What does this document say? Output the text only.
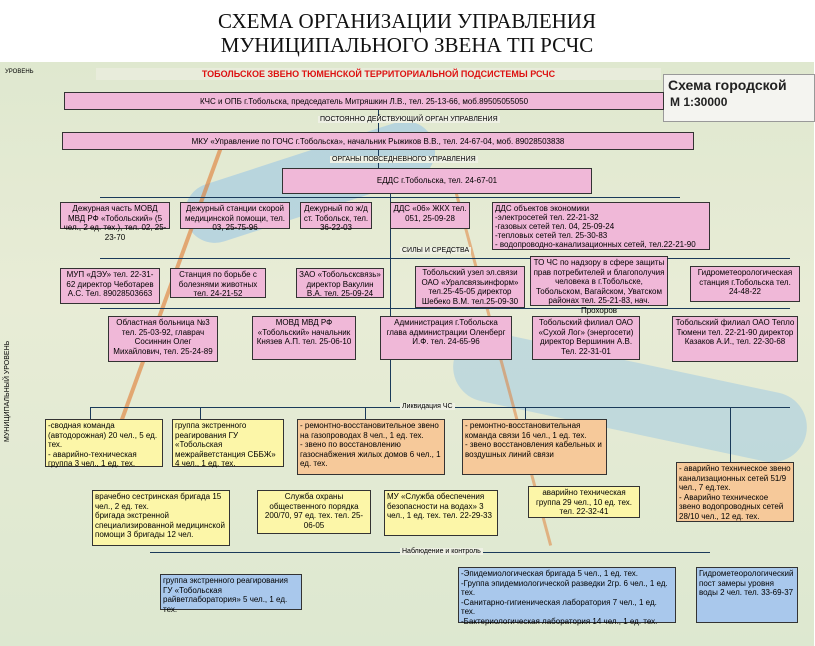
СХЕМА ОРГАНИЗАЦИИ УПРАВЛЕНИЯ
МУНИЦИПАЛЬНОГО ЗВЕНА ТП РСЧС
УРОВЕНЬ
МУНИЦИПАЛЬНЫЙ УРОВЕНЬ
ТОБОЛЬСКОЕ ЗВЕНО ТЮМЕНСКОЙ ТЕРРИТОРИАЛЬНОЙ ПОДСИСТЕМЫ РСЧС
Схема городской
М 1:30000
ПОСТОЯННО ДЕЙСТВУЮЩИЙ ОРГАН УПРАВЛЕНИЯ
ОРГАНЫ ПОВСЕДНЕВНОГО УПРАВЛЕНИЯ
СИЛЫ И СРЕДСТВА
Ликвидация ЧС
Наблюдение и контроль
КЧС и ОПБ г.Тобольска, председатель Митряшкин Л.В., тел. 25-13-66, моб.89505055050
МКУ «Управление по ГОЧС г.Тобольска», начальник Рыжиков В.В., тел. 24-67-04, моб. 89028503838
ЕДДС г.Тобольска, тел. 24-67-01
Дежурная часть МОВД МВД РФ «Тобольский» (5 чел., 2 ед. тех.), тел. 02, 25-23-70
Дежурный станции скорой медицинской помощи, тел. 03, 25-75-96
Дежурный по ж/д ст. Тобольск, тел. 36-22-03
ДДС «06» ЖКХ тел. 051, 25-09-28
ДДС объектов экономики
-электросетей тел. 22-21-32
-газовых сетей тел. 04, 25-09-24
-тепловых сетей тел. 25-30-83
- водопроводно-канализационных сетей, тел.22-21-90
МУП «ДЭУ» тел. 22-31-62 директор Чеботарев А.С. Тел. 89028503663
Станция по борьбе с болезнями животных тел. 24-21-52
ЗАО «Тобольсксвязь» директор Вакулин В.А. тел. 25-09-24
Тобольский узел эл.связи ОАО «Уралсвязьинформ» тел.25-45-05 директор Шебеко В.М. тел.25-09-30
ТО ЧС по надзору в сфере защиты прав потребителей и благополучия человека в г.Тобольске, Тобольском, Вагайском, Уватском районах тел. 25-21-83, нач. Прохоров
Гидрометеорологическая станция г.Тобольска тел. 24-48-22
Областная больница №3 тел. 25-03-92, главрач Сосиннин Олег Михайлович, тел. 25-24-89
МОВД МВД РФ «Тобольский» начальник Князев А.П. тел. 25-06-10
Администрация г.Тобольска глава администрации Оленберг И.Ф. тел. 24-65-96
Тобольский филиал ОАО «Сухой Лог» (энергосети) директор Вершинин А.В. Тел. 22-31-01
Тобольский филиал ОАО Тепло Тюмени тел. 22-21-90 директор Казаков А.И., тел. 22-30-68
-сводная команда (автодорожная) 20 чел., 5 ед. тех.
- аварийно-техническая группа 3 чел., 1 ед. тех.
группа экстренного реагирования ГУ «Тобольская межрайветстанция СББЖ» 4 чел., 1 ед. тех.
- ремонтно-восстановительное звено на газопроводах 8 чел., 1 ед. тех.
- звено по восстановлению газоснабжения жилых домов 6 чел., 1 ед. тех.
- ремонтно-восстановительная команда связи 16 чел., 1 ед. тех.
- звено восстановления кабельных и воздушных линий связи
- аварийно техническое звено канализационных сетей 51/9 чел., 7 ед.тех.
- Аварийно техническое звено водопроводных сетей 28/10 чел., 12 ед. тех.
врачебно сестринская бригада 15 чел., 2 ед. тех.
бригада экстренной специализированной медицинской помощи 3 бригады 12 чел.
Служба охраны общественного порядка 200/70, 97 ед. тех. тел. 25-06-05
МУ «Служба обеспечения безопасности на водах» 3 чел., 1 ед. тех. тел. 22-29-33
аварийно техническая группа 29 чел., 10 ед. тех. тел. 22-32-41
группа экстренного реагирования ГУ «Тобольская райветлаборатория» 5 чел., 1 ед. тех.
-Эпидемиологическая бригада 5 чел., 1 ед. тех.
-Группа эпидемиологической разведки 2гр. 6 чел., 1 ед. тех.
-Санитарно-гигиеническая лаборатория 7 чел., 1 ед. тех.
-Бактериологическая лаборатория 14 чел., 1 ед. тех.
Гидрометеорологический пост замеры уровня воды 2 чел. тел. 33-69-37
